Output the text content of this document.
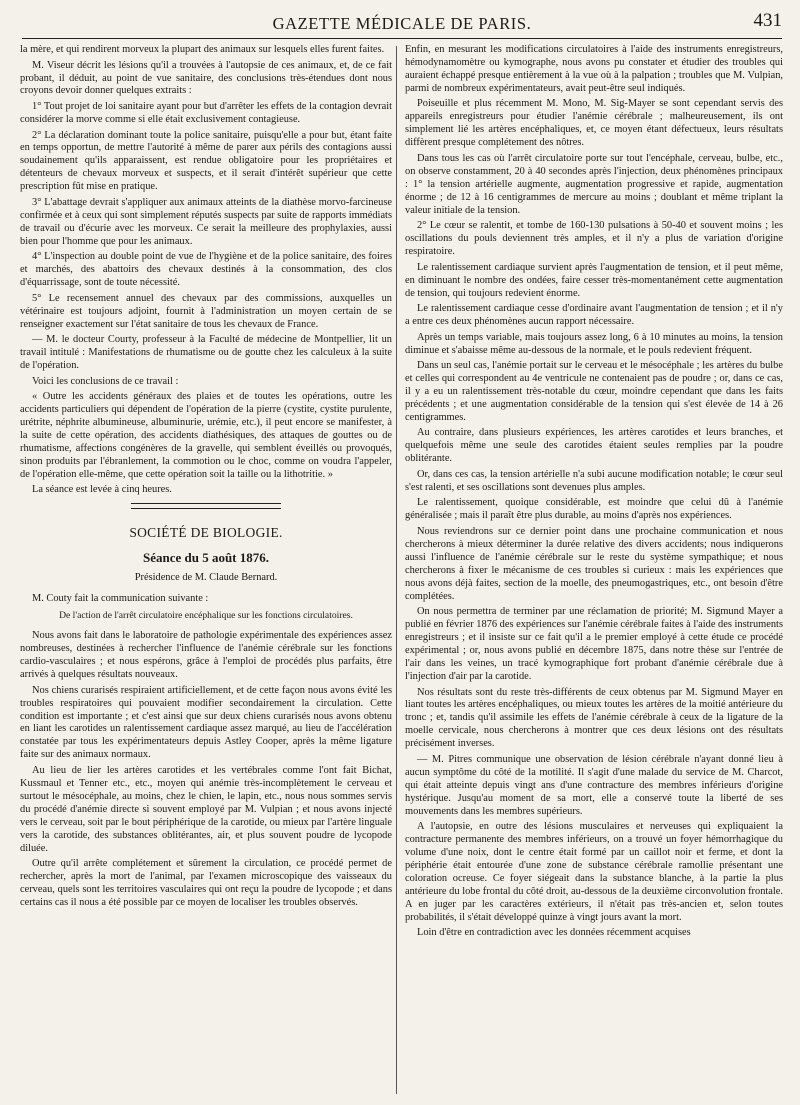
GAZETTE MÉDICALE DE PARIS.	431

la mère, et qui rendirent morveux la plupart des animaux sur lesquels elles furent faites.

M. Viseur décrit les lésions qu'il a trouvées à l'autopsie de ces animaux, et, de ce fait probant, il déduit, au point de vue sanitaire, des conclusions très-étendues dont nous croyons devoir donner quelques extraits :

1° Tout projet de loi sanitaire ayant pour but d'arrêter les effets de la contagion devrait considérer la morve comme si elle était exclusivement contagieuse.

2° La déclaration dominant toute la police sanitaire, puisqu'elle a pour but, étant faite en temps opportun, de mettre l'autorité à même de parer aux périls des contagions aussi soudainement qu'ils apparaissent, est rendue obligatoire pour les propriétaires et détenteurs de chevaux morveux et suspects, et il serait d'intérêt supérieur que cette prescription fût mise en pratique.

3° L'abattage devrait s'appliquer aux animaux atteints de la diathèse morvo-farcineuse confirmée et à ceux qui sont simplement réputés suspects par suite de rapports immédiats de travail ou d'écurie avec les morveux. Ce serait la meilleure des prophylaxies, aussi bien pour l'homme que pour les animaux.

4° L'inspection au double point de vue de l'hygiène et de la police sanitaire, des foires et marchés, des abattoirs des chevaux destinés à la consommation, des clos d'équarrissage, sont de toute nécessité.

5° Le recensement annuel des chevaux par des commissions, auxquelles un vétérinaire est toujours adjoint, fournit à l'administration un moyen certain de se renseigner exactement sur l'état sanitaire de tous les chevaux de France.

— M. le docteur Courty, professeur à la Faculté de médecine de Montpellier, lit un travail intitulé : Manifestations de rhumatisme ou de goutte chez les calculeux à la suite de l'opération.

Voici les conclusions de ce travail :

« Outre les accidents généraux des plaies et de toutes les opérations, outre les accidents particuliers qui dépendent de l'opération de la pierre (cystite, cystite purulente, urétrite, néphrite albumineuse, albuminurie, urémie, etc.), il peut encore se manifester, à la suite de cette opération, des accidents diathésiques, des attaques de gouttes ou de rhumatisme, affections congénères de la gravelle, qui semblent éveillés ou provoqués, sinon produits par l'ébranlement, la commotion ou le choc, comme on voudra l'appeler, de l'opération elle-même, que cette opération soit la taille ou la lithotritie. »

La séance est levée à cinq heures.

SOCIÉTÉ DE BIOLOGIE.
Séance du 5 août 1876.
Présidence de M. Claude Bernard.

M. Couty fait la communication suivante :

De l'action de l'arrêt circulatoire encéphalique sur les fonctions circulatoires.

Nous avons fait dans le laboratoire de pathologie expérimentale des expériences assez nombreuses, destinées à rechercher l'influence de l'anémie cérébrale sur les fonctions cardio-vasculaires ; et nous espérons, grâce à l'emploi de procédés plus parfaits, être arrivés à quelques résultats nouveaux.

Nos chiens curarisés respiraient artificiellement, et de cette façon nous avons évité les troubles respiratoires qui pouvaient modifier secondairement la circulation. Cette condition est importante ; et c'est ainsi que sur deux chiens curarisés nous avons obtenu en liant les carotides un ralentissement cardiaque assez marqué, au lieu de l'accélération constatée par tous les expérimentateurs depuis Astley Cooper, après la même ligature faite sur des animaux normaux.

Au lieu de lier les artères carotides et les vertébrales comme l'ont fait Bichat, Kussmaul et Tenner etc., etc., moyen qui anémie très-incomplètement le cerveau et surtout le mésocéphale, au moins, chez le chien, le lapin, etc., nous nous sommes servis du procédé d'anémie directe si souvent employé par M. Vulpian ; et nous avons injecté vers le cerveau, soit par le bout périphérique de la carotide, ou mieux par l'artère linguale vers la carotide, des substances oblitérantes, air, et plus souvent poudre de lycopode diluée.

Outre qu'il arrête complétement et sûrement la circulation, ce procédé permet de rechercher, après la mort de l'animal, par l'examen microscopique des vaisseaux du cerveau, quels sont les territoires vasculaires qui ont reçu la poudre de lycopode ; et dans certains cas il nous a été possible par ce moyen de localiser les troubles observés.

Enfin, en mesurant les modifications circulatoires à l'aide des instruments enregistreurs, hémodynamomètre ou kymographe, nous avons pu constater et étudier des troubles qui auraient échappé presque entièrement à la vue où à la palpation ; troubles que M. Vulpian, parmi de nombreux expérimentateurs, avait peut-être seul indiqués.

Poiseuille et plus récemment M. Mono, M. Sig-Mayer se sont cependant servis des appareils enregistreurs pour étudier l'anémie cérébrale ; malheureusement, ils ont simplement lié les artères encéphaliques, et, ce moyen étant défectueux, leurs résultats diffèrent presque complétement des nôtres.

Dans tous les cas où l'arrêt circulatoire porte sur tout l'encéphale, cerveau, bulbe, etc., on observe constamment, 20 à 40 secondes après l'injection, deux phénomènes principaux : 1° la tension artérielle augmente, augmentation progressive et rapide, augmentation énorme ; de 12 à 16 centigrammes de mercure au moins ; doublant et même triplant la valeur initiale de la tension.

2° Le cœur se ralentit, et tombe de 160-130 pulsations à 50-40 et souvent moins ; les oscillations du pouls deviennent très amples, et il n'y a plus de variation d'origine respiratoire.

Le ralentissement cardiaque survient après l'augmentation de tension, et il peut même, en diminuant le nombre des ondées, faire cesser très-momentanément cette augmentation de tension, qui toujours redevient énorme.

Le ralentissement cardiaque cesse d'ordinaire avant l'augmentation de tension ; et il n'y a entre ces deux phénomènes aucun rapport nécessaire.

Après un temps variable, mais toujours assez long, 6 à 10 minutes au moins, la tension diminue et s'abaisse même au-dessous de la normale, et le pouls redevient fréquent.

Dans un seul cas, l'anémie portait sur le cerveau et le mésocéphale ; les artères du bulbe et celles qui correspondent au 4e ventricule ne contenaient pas de poudre ; or, dans ce cas, il y a eu un ralentissement très-notable du cœur, moindre cependant que dans les faits précédents ; et une augmentation considérable de la tension qui s'est élevée de 14 à 26 centigrammes.

Au contraire, dans plusieurs expériences, les artères carotides et leurs branches, et quelquefois même une seule des carotides étaient seules remplies par la poudre oblitérante.

Or, dans ces cas, la tension artérielle n'a subi aucune modification notable; le cœur seul s'est ralenti, et ses oscillations sont devenues plus amples.

Le ralentissement, quoique considérable, est moindre que celui dû à l'anémie généralisée ; mais il paraît être plus durable, au moins d'après nos expériences.

Nous reviendrons sur ce dernier point dans une prochaine communication et nous chercherons à mieux déterminer la durée relative des divers accidents; nous indiquerons aussi l'influence de l'anémie cérébrale sur le reste du système sympathique; et nous chercherons à fixer le mécanisme de ces troubles si curieux : mais les expériences que nous avons déjà faites, section de la moelle, des pneumogastriques, etc., ont besoin d'être complétées.

On nous permettra de terminer par une réclamation de priorité; M. Sigmund Mayer a publié en février 1876 des expériences sur l'anémie cérébrale faites à l'aide des instruments enregistreurs ; et il insiste sur ce fait qu'il a le premier employé à cette étude ce procédé expérimental ; or, nous avons publié en décembre 1875, dans notre thèse sur l'entrée de l'air dans les veines, un tracé kymographique fort probant d'anémie cérébrale due à l'injection d'air par la carotide.

Nos résultats sont du reste très-différents de ceux obtenus par M. Sigmund Mayer en liant toutes les artères encéphaliques, ou mieux toutes les artères de la moitié antérieure du tronc ; et, tandis qu'il assimile les effets de l'anémie cérébrale à ceux de la ligature de la moelle cervicale, nous chercherons à montrer que ces deux lésions ont des résultats précisément inverses.

— M. Pitres communique une observation de lésion cérébrale n'ayant donné lieu à aucun symptôme du côté de la motilité. Il s'agit d'une malade du service de M. Charcot, qui était atteinte depuis vingt ans d'une contracture des membres inférieurs d'origine hystérique. Jusqu'au moment de sa mort, elle a conservé toute la liberté de ses mouvements dans les membres supérieurs.

A l'autopsie, en outre des lésions musculaires et nerveuses qui expliquaient la contracture permanente des membres inférieurs, on a trouvé un foyer hémorrhagique du volume d'une noix, dont le centre était formé par un caillot noir et ferme, et dont la périphérie était entourée d'une zone de substance cérébrale ramollie présentant une coloration ocreuse. Ce foyer siégeait dans la substance blanche, à la partie la plus antérieure du lobe frontal du côté droit, au-dessous de la deuxième circonvolution frontale. A en juger par les caractères extérieurs, il n'était pas très-ancien et, selon toutes probabilités, il s'était développé quinze à vingt jours avant la mort.

Loin d'être en contradiction avec les données récemment acquises
